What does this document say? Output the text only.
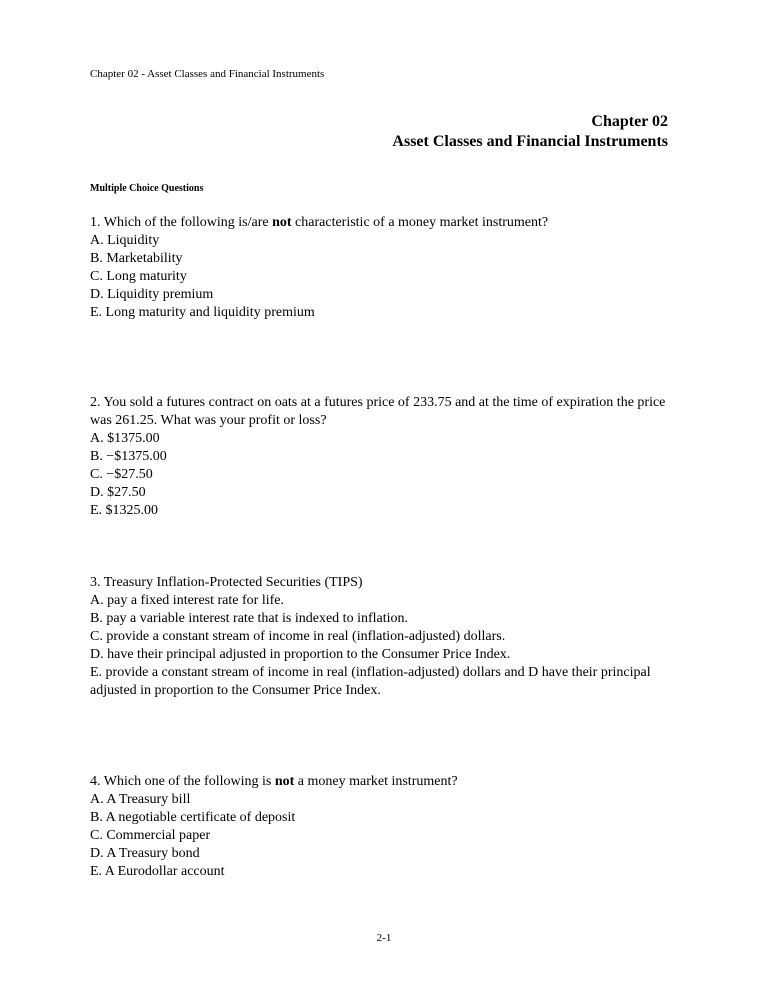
Chapter 02 - Asset Classes and Financial Instruments
Chapter 02
Asset Classes and Financial Instruments
Multiple Choice Questions
1. Which of the following is/are not characteristic of a money market instrument?
A. Liquidity
B. Marketability
C. Long maturity
D. Liquidity premium
E. Long maturity and liquidity premium
2. You sold a futures contract on oats at a futures price of 233.75 and at the time of expiration the price was 261.25. What was your profit or loss?
A. $1375.00
B. −$1375.00
C. −$27.50
D. $27.50
E. $1325.00
3. Treasury Inflation-Protected Securities (TIPS)
A. pay a fixed interest rate for life.
B. pay a variable interest rate that is indexed to inflation.
C. provide a constant stream of income in real (inflation-adjusted) dollars.
D. have their principal adjusted in proportion to the Consumer Price Index.
E. provide a constant stream of income in real (inflation-adjusted) dollars and D have their principal adjusted in proportion to the Consumer Price Index.
4. Which one of the following is not a money market instrument?
A. A Treasury bill
B. A negotiable certificate of deposit
C. Commercial paper
D. A Treasury bond
E. A Eurodollar account
2-1
